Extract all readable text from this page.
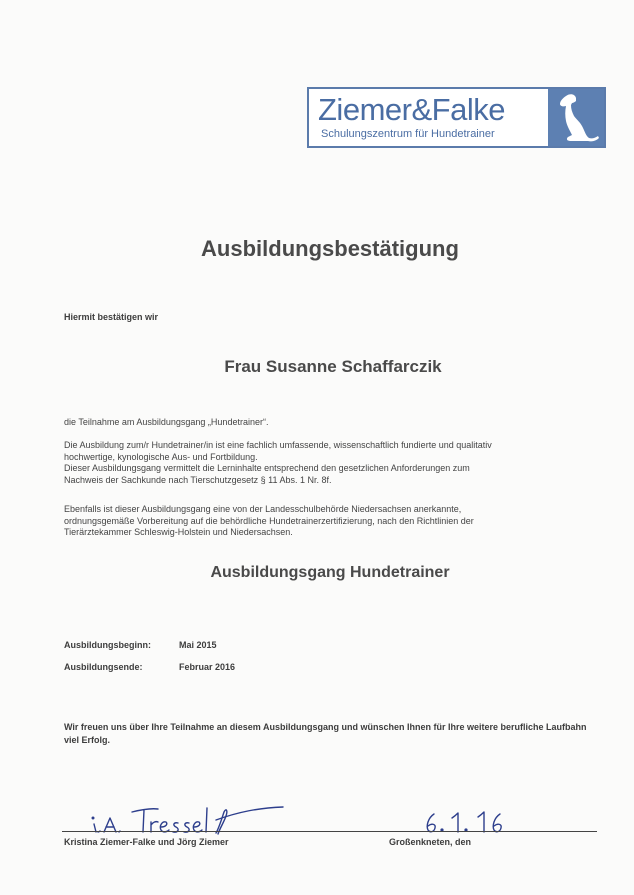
Ziemer&Falke
Schulungszentrum für Hundetrainer
Ausbildungsbestätigung
Hiermit bestätigen wir
Frau Susanne Schaffarczik

die Teilnahme am Ausbildungsgang „Hundetrainer“.

Die Ausbildung zum/r Hundetrainer/in ist eine fachlich umfassende, wissenschaftlich fundierte und qualitativ

hochwertige, kynologische Aus- und Fortbildung.

Dieser Ausbildungsgang vermittelt die Lerninhalte entsprechend den gesetzlichen Anforderungen zum

Nachweis der Sachkunde nach Tierschutzgesetz § 11 Abs. 1 Nr. 8f.

Ebenfalls ist dieser Ausbildungsgang eine von der Landesschulbehörde Niedersachsen anerkannte,

ordnungsgemäße Vorbereitung auf die behördliche Hundetrainerzertifizierung, nach den Richtlinien der

Tierärztekammer Schleswig-Holstein und Niedersachsen.

Ausbildungsgang Hundetrainer
Ausbildungsbeginn:	Mai 2015
Ausbildungsende:	Februar 2016
Wir freuen uns über Ihre Teilnahme an diesem Ausbildungsgang und wünschen Ihnen für Ihre weitere berufliche Laufbahn viel Erfolg.
Kristina Ziemer-Falke und Jörg Ziemer	Großenkneten, den
